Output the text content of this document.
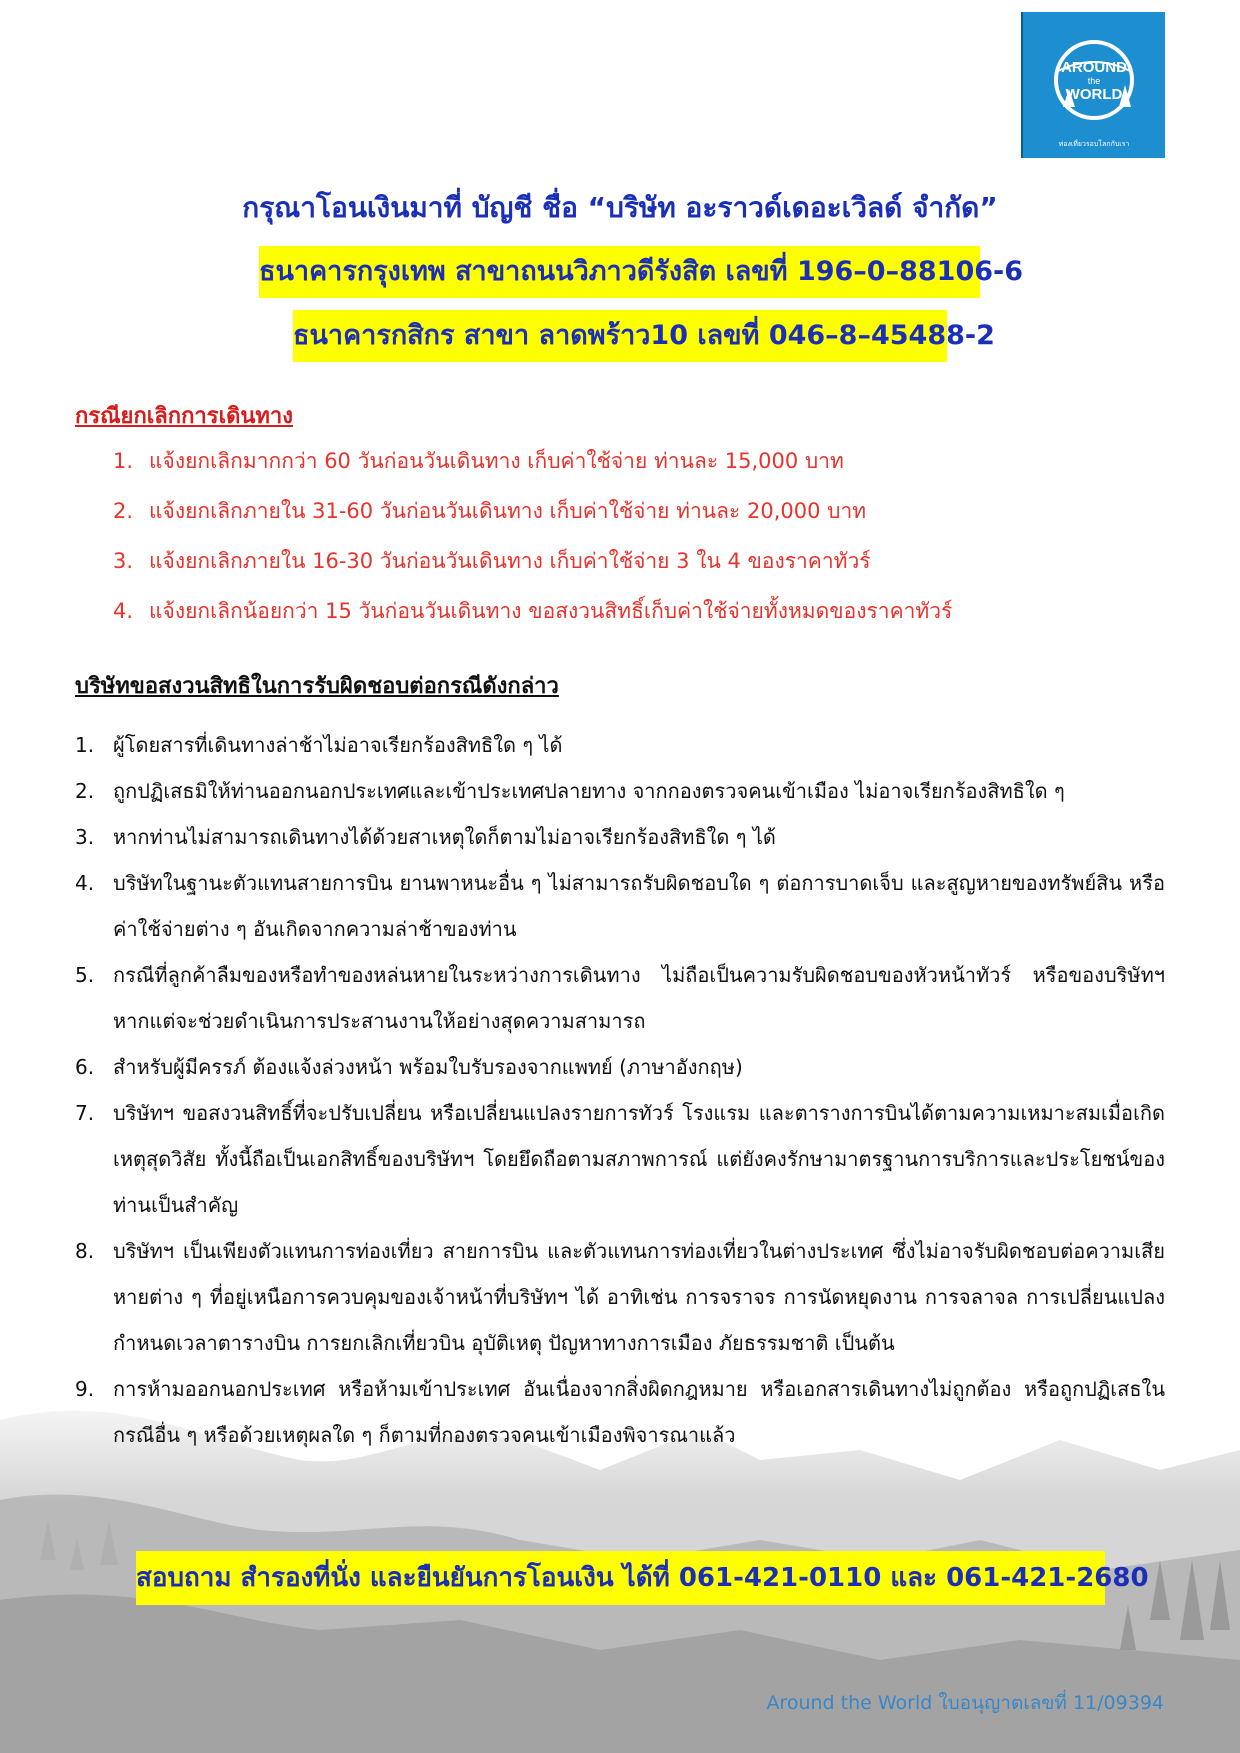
AROUND
the
WORLD
ท่องเที่ยวรอบโลกกับเรา
กรุณาโอนเงินมาที่ บัญชี ชื่อ “บริษัท อะราวด์เดอะเวิลด์ จำกัด”
ธนาคารกรุงเทพ สาขาถนนวิภาวดีรังสิต เลขที่ 196–0–88106-6
ธนาคารกสิกร สาขา ลาดพร้าว10 เลขที่ 046–8–45488-2
กรณียกเลิกการเดินทาง
1. แจ้งยกเลิกมากกว่า 60 วันก่อนวันเดินทาง เก็บค่าใช้จ่าย ท่านละ 15,000 บาท
2. แจ้งยกเลิกภายใน 31-60 วันก่อนวันเดินทาง เก็บค่าใช้จ่าย ท่านละ 20,000 บาท
3. แจ้งยกเลิกภายใน 16-30 วันก่อนวันเดินทาง เก็บค่าใช้จ่าย 3 ใน 4 ของราคาทัวร์
4. แจ้งยกเลิกน้อยกว่า 15 วันก่อนวันเดินทาง ขอสงวนสิทธิ์เก็บค่าใช้จ่ายทั้งหมดของราคาทัวร์
บริษัทขอสงวนสิทธิในการรับผิดชอบต่อกรณีดังกล่าว
1. ผู้โดยสารที่เดินทางล่าช้าไม่อาจเรียกร้องสิทธิใด ๆ ได้
2. ถูกปฏิเสธมิให้ท่านออกนอกประเทศและเข้าประเทศปลายทาง จากกองตรวจคนเข้าเมือง ไม่อาจเรียกร้องสิทธิใด ๆ
3. หากท่านไม่สามารถเดินทางได้ด้วยสาเหตุใดก็ตามไม่อาจเรียกร้องสิทธิใด ๆ ได้
4. บริษัทในฐานะตัวแทนสายการบิน ยานพาหนะอื่น ๆ ไม่สามารถรับผิดชอบใด ๆ ต่อการบาดเจ็บ และสูญหายของทรัพย์สิน หรือค่าใช้จ่ายต่าง ๆ อันเกิดจากความล่าช้าของท่าน
5. กรณีที่ลูกค้าลืมของหรือทำของหล่นหายในระหว่างการเดินทาง ไม่ถือเป็นความรับผิดชอบของหัวหน้าทัวร์ หรือของบริษัทฯ หากแต่จะช่วยดำเนินการประสานงานให้อย่างสุดความสามารถ
6. สำหรับผู้มีครรภ์ ต้องแจ้งล่วงหน้า พร้อมใบรับรองจากแพทย์ (ภาษาอังกฤษ)
7. บริษัทฯ ขอสงวนสิทธิ์ที่จะปรับเปลี่ยน หรือเปลี่ยนแปลงรายการทัวร์ โรงแรม และตารางการบินได้ตามความเหมาะสมเมื่อเกิดเหตุสุดวิสัย ทั้งนี้ถือเป็นเอกสิทธิ์ของบริษัทฯ โดยยึดถือตามสภาพการณ์ แต่ยังคงรักษามาตรฐานการบริการและประโยชน์ของท่านเป็นสำคัญ
8. บริษัทฯ เป็นเพียงตัวแทนการท่องเที่ยว สายการบิน และตัวแทนการท่องเที่ยวในต่างประเทศ ซึ่งไม่อาจรับผิดชอบต่อความเสียหายต่าง ๆ ที่อยู่เหนือการควบคุมของเจ้าหน้าที่บริษัทฯ ได้ อาทิเช่น การจราจร การนัดหยุดงาน การจลาจล การเปลี่ยนแปลงกำหนดเวลาตารางบิน การยกเลิกเที่ยวบิน อุบัติเหตุ ปัญหาทางการเมือง ภัยธรรมชาติ เป็นต้น
9. การห้ามออกนอกประเทศ หรือห้ามเข้าประเทศ อันเนื่องจากสิ่งผิดกฎหมาย หรือเอกสารเดินทางไม่ถูกต้อง หรือถูกปฏิเสธในกรณีอื่น ๆ หรือด้วยเหตุผลใด ๆ ก็ตามที่กองตรวจคนเข้าเมืองพิจารณาแล้ว
สอบถาม สำรองที่นั่ง และยืนยันการโอนเงิน ได้ที่ 061-421-0110 และ 061-421-2680
Around the World ใบอนุญาตเลขที่ 11/09394
